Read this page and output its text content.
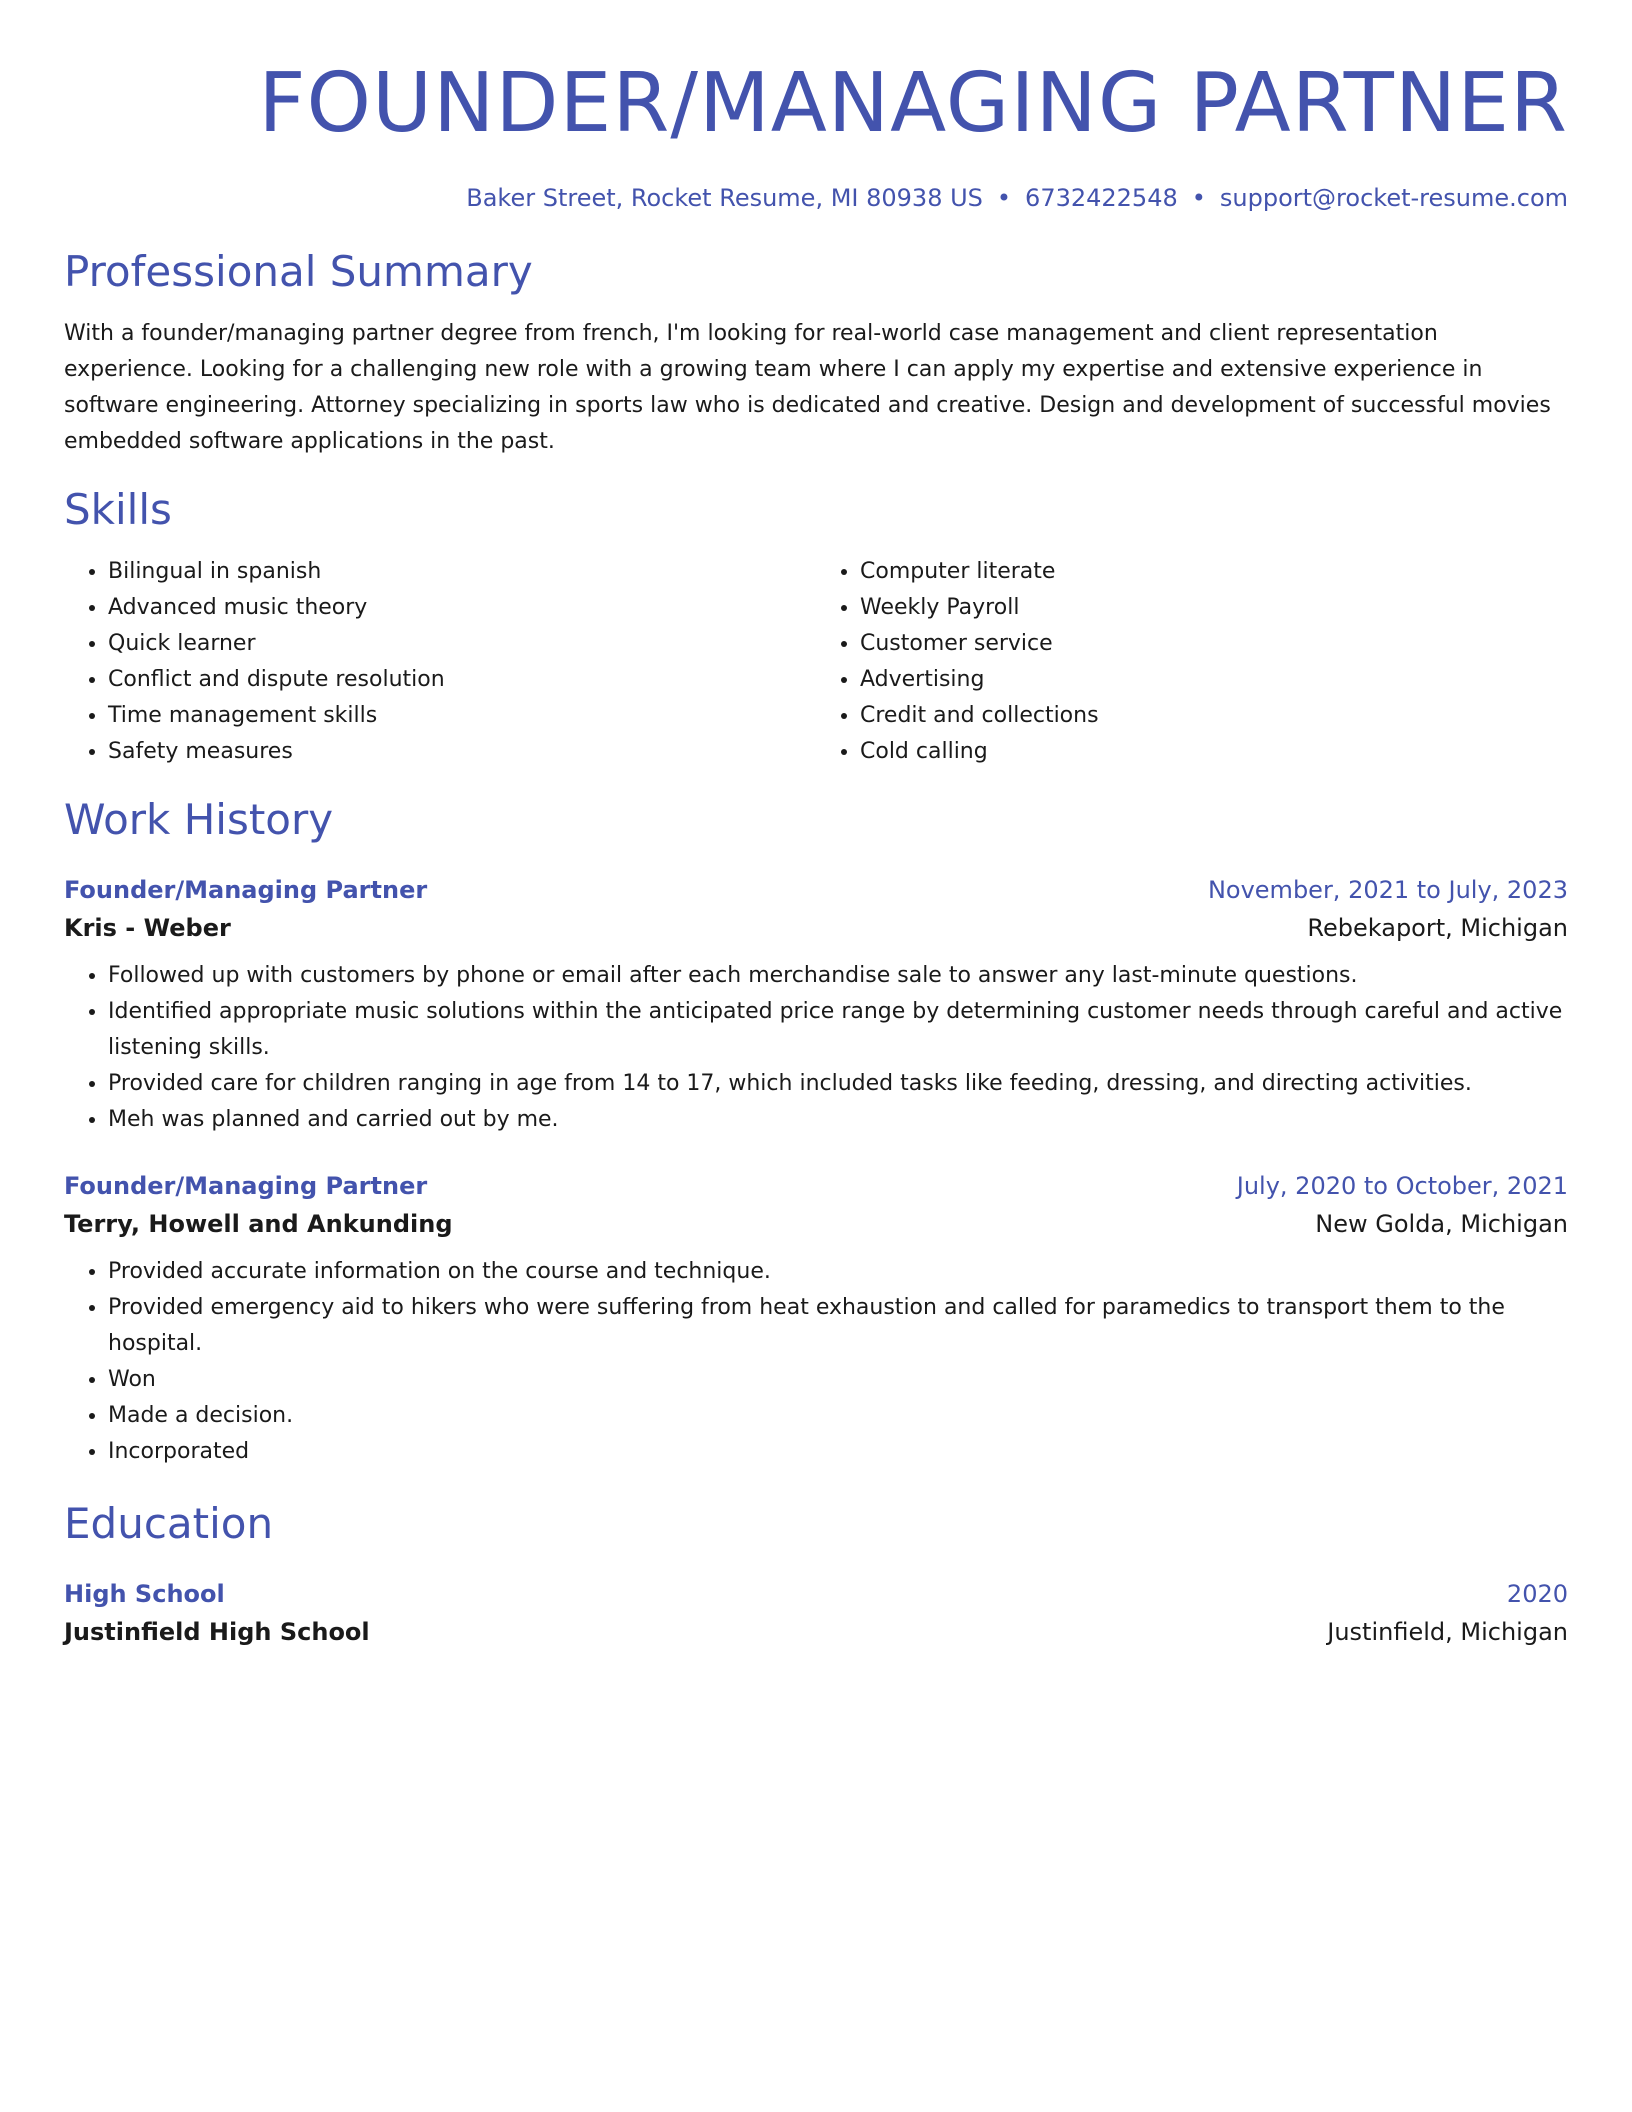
FOUNDER/MANAGING PARTNER
Baker Street, Rocket Resume, MI 80938 US • 6732422548 • support@rocket-resume.com
Professional Summary

With a founder/managing partner degree from french, I'm looking for real-world case management and client representation experience. Looking for a challenging new role with a growing team where I can apply my expertise and extensive experience in software engineering. Attorney specializing in sports law who is dedicated and creative. Design and development of successful movies embedded software applications in the past.

Skills
• Bilingual in spanish
• Advanced music theory
• Quick learner
• Conflict and dispute resolution
• Time management skills
• Safety measures
• Computer literate
• Weekly Payroll
• Customer service
• Advertising
• Credit and collections
• Cold calling
Work History
Founder/Managing Partner	November, 2021 to July, 2023
Kris - Weber	Rebekaport, Michigan
• Followed up with customers by phone or email after each merchandise sale to answer any last-minute questions.
• Identified appropriate music solutions within the anticipated price range by determining customer needs through careful and active listening skills.
• Provided care for children ranging in age from 14 to 17, which included tasks like feeding, dressing, and directing activities.
• Meh was planned and carried out by me.
Founder/Managing Partner	July, 2020 to October, 2021
Terry, Howell and Ankunding	New Golda, Michigan
• Provided accurate information on the course and technique.
• Provided emergency aid to hikers who were suffering from heat exhaustion and called for paramedics to transport them to the hospital.
• Won
• Made a decision.
• Incorporated
Education
High School	2020
Justinfield High School	Justinfield, Michigan
